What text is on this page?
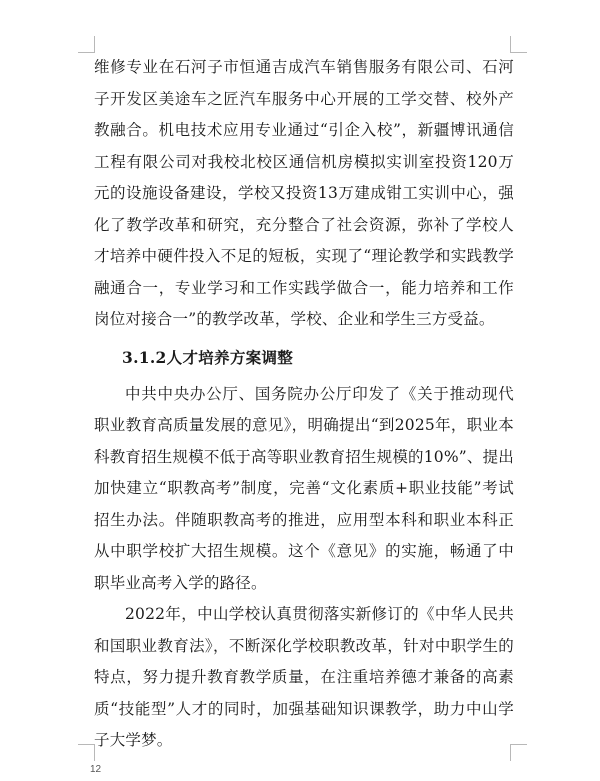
维修专业在石河子市恒通吉成汽车销售服务有限公司、石河子开发区美途车之匠汽车服务中心开展的工学交替、校外产教融合。机电技术应用专业通过“引企入校”，新疆博讯通信工程有限公司对我校北校区通信机房模拟实训室投资120万元的设施设备建设，学校又投资13万建成钳工实训中心，强化了教学改革和研究，充分整合了社会资源，弥补了学校人才培养中硬件投入不足的短板，实现了“理论教学和实践教学融通合一，专业学习和工作实践学做合一，能力培养和工作岗位对接合一”的教学改革，学校、企业和学生三方受益。

3.1.2人才培养方案调整

中共中央办公厅、国务院办公厅印发了《关于推动现代职业教育高质量发展的意见》，明确提出“到2025年，职业本科教育招生规模不低于高等职业教育招生规模的10%”、提出加快建立“职教高考”制度，完善“文化素质+职业技能”考试招生办法。伴随职教高考的推进，应用型本科和职业本科正从中职学校扩大招生规模。这个《意见》的实施，畅通了中职毕业高考入学的路径。

2022年，中山学校认真贯彻落实新修订的《中华人民共和国职业教育法》，不断深化学校职教改革，针对中职学生的特点，努力提升教育教学质量，在注重培养德才兼备的高素质“技能型”人才的同时，加强基础知识课教学，助力中山学子大学梦。

12
